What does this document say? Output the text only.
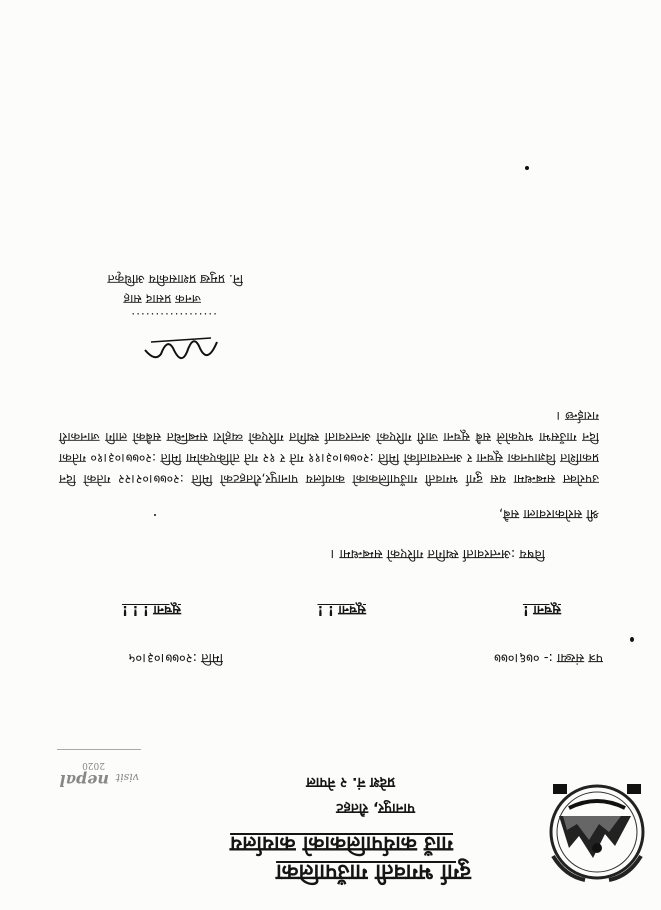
दुर्गा भगवती गाउँपालिका
गाउँ कार्यपालिकाको कार्यालय
पानापुर, रौतहट
प्रदेश नं. २ नेपाल
visit
nepal
2020
पत्र संख्या :- ०७६।०७७
मिति :२०७७।०३।०५
सूचना !
सूचना ! !
सूचना ! ! !
विषय :अन्तरवार्ता स्थगित गरिएको सम्बन्धमा ।
श्री सरोकारवाला सबै,
उपरोक्त सम्बन्धमा यस दुर्गा भगवती गाउँपालिकाको कार्यालय पानापुर,रौतहटको मिति :२०७७।०२।२२ गतेको दिन प्रकाशित विज्ञापनका सूचना र अन्तरवार्ताको मिति :२०७७।०३।११ गते र १२ गते तोकिएकोमा मिति :२०७७।०३।१० गतेका दिन गाउँसभा भएकोले सबै सूचना जारी गरिएको अन्तरवार्ता स्थगित गरिएको व्यहोरा सम्बन्धित सबैको लागि जानकारी गराईन्छ ।
..................
जनक प्रसाद साह
नि. प्रमुख प्रशासकीय अधिकृत
